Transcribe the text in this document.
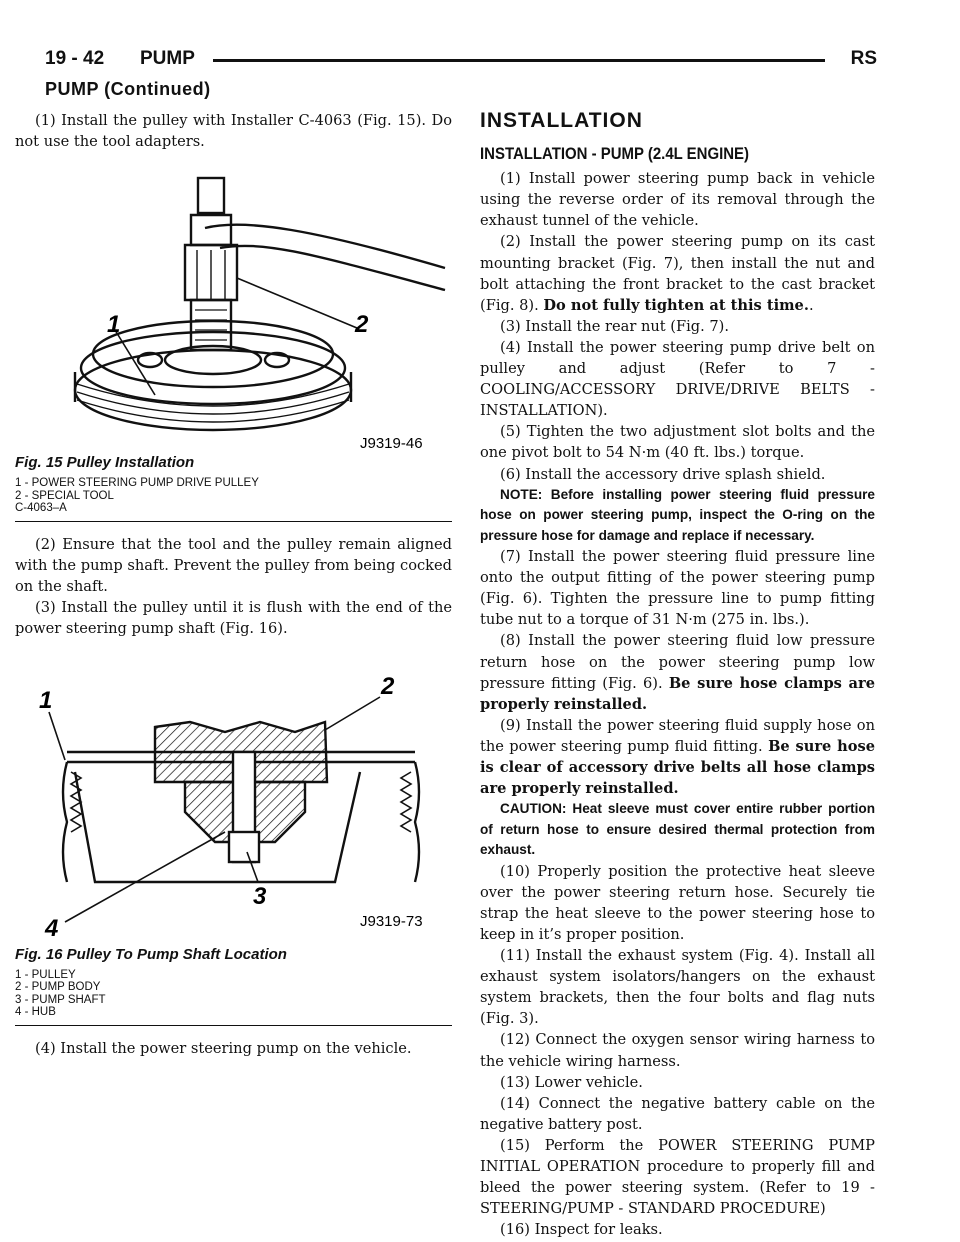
19 - 42 PUMP	RS
PUMP (Continued)

(1) Install the pulley with Installer C-4063 (Fig. 15). Do not use the tool adapters.

1	2
J9319-46
Fig. 15 Pulley Installation
1 - POWER STEERING PUMP DRIVE PULLEY
2 - SPECIAL TOOL
C-4063–A

(2) Ensure that the tool and the pulley remain aligned with the pump shaft. Prevent the pulley from being cocked on the shaft.

(3) Install the pulley until it is flush with the end of the power steering pump shaft (Fig. 16).

1
2
3
4	J9319-73
Fig. 16 Pulley To Pump Shaft Location
1 - PULLEY
2 - PUMP BODY
3 - PUMP SHAFT
4 - HUB

(4) Install the power steering pump on the vehicle.

INSTALLATION
INSTALLATION - PUMP (2.4L ENGINE)

(1) Install power steering pump back in vehicle using the reverse order of its removal through the exhaust tunnel of the vehicle.

(2) Install the power steering pump on its cast mounting bracket (Fig. 7), then install the nut and bolt attaching the front bracket to the cast bracket (Fig. 8). Do not fully tighten at this time..

(3) Install the rear nut (Fig. 7).

(4) Install the power steering pump drive belt on pulley and adjust (Refer to 7 - COOLING/ACCESSORY DRIVE/DRIVE BELTS - INSTALLATION).

(5) Tighten the two adjustment slot bolts and the one pivot bolt to 54 N·m (40 ft. lbs.) torque.

(6) Install the accessory drive splash shield.

NOTE: Before installing power steering fluid pressure hose on power steering pump, inspect the O-ring on the pressure hose for damage and replace if necessary.

(7) Install the power steering fluid pressure line onto the output fitting of the power steering pump (Fig. 6). Tighten the pressure line to pump fitting tube nut to a torque of 31 N·m (275 in. lbs.).

(8) Install the power steering fluid low pressure return hose on the power steering pump low pressure fitting (Fig. 6). Be sure hose clamps are properly reinstalled.

(9) Install the power steering fluid supply hose on the power steering pump fluid fitting. Be sure hose is clear of accessory drive belts all hose clamps are properly reinstalled.

CAUTION: Heat sleeve must cover entire rubber portion of return hose to ensure desired thermal protection from exhaust.

(10) Properly position the protective heat sleeve over the power steering return hose. Securely tie strap the heat sleeve to the power steering hose to keep in it’s proper position.

(11) Install the exhaust system (Fig. 4). Install all exhaust system isolators/hangers on the exhaust system brackets, then the four bolts and flag nuts (Fig. 3).

(12) Connect the oxygen sensor wiring harness to the vehicle wiring harness.

(13) Lower vehicle.

(14) Connect the negative battery cable on the negative battery post.

(15) Perform the POWER STEERING PUMP INITIAL OPERATION procedure to properly fill and bleed the power steering system. (Refer to 19 - STEERING/PUMP - STANDARD PROCEDURE)

(16) Inspect for leaks.
